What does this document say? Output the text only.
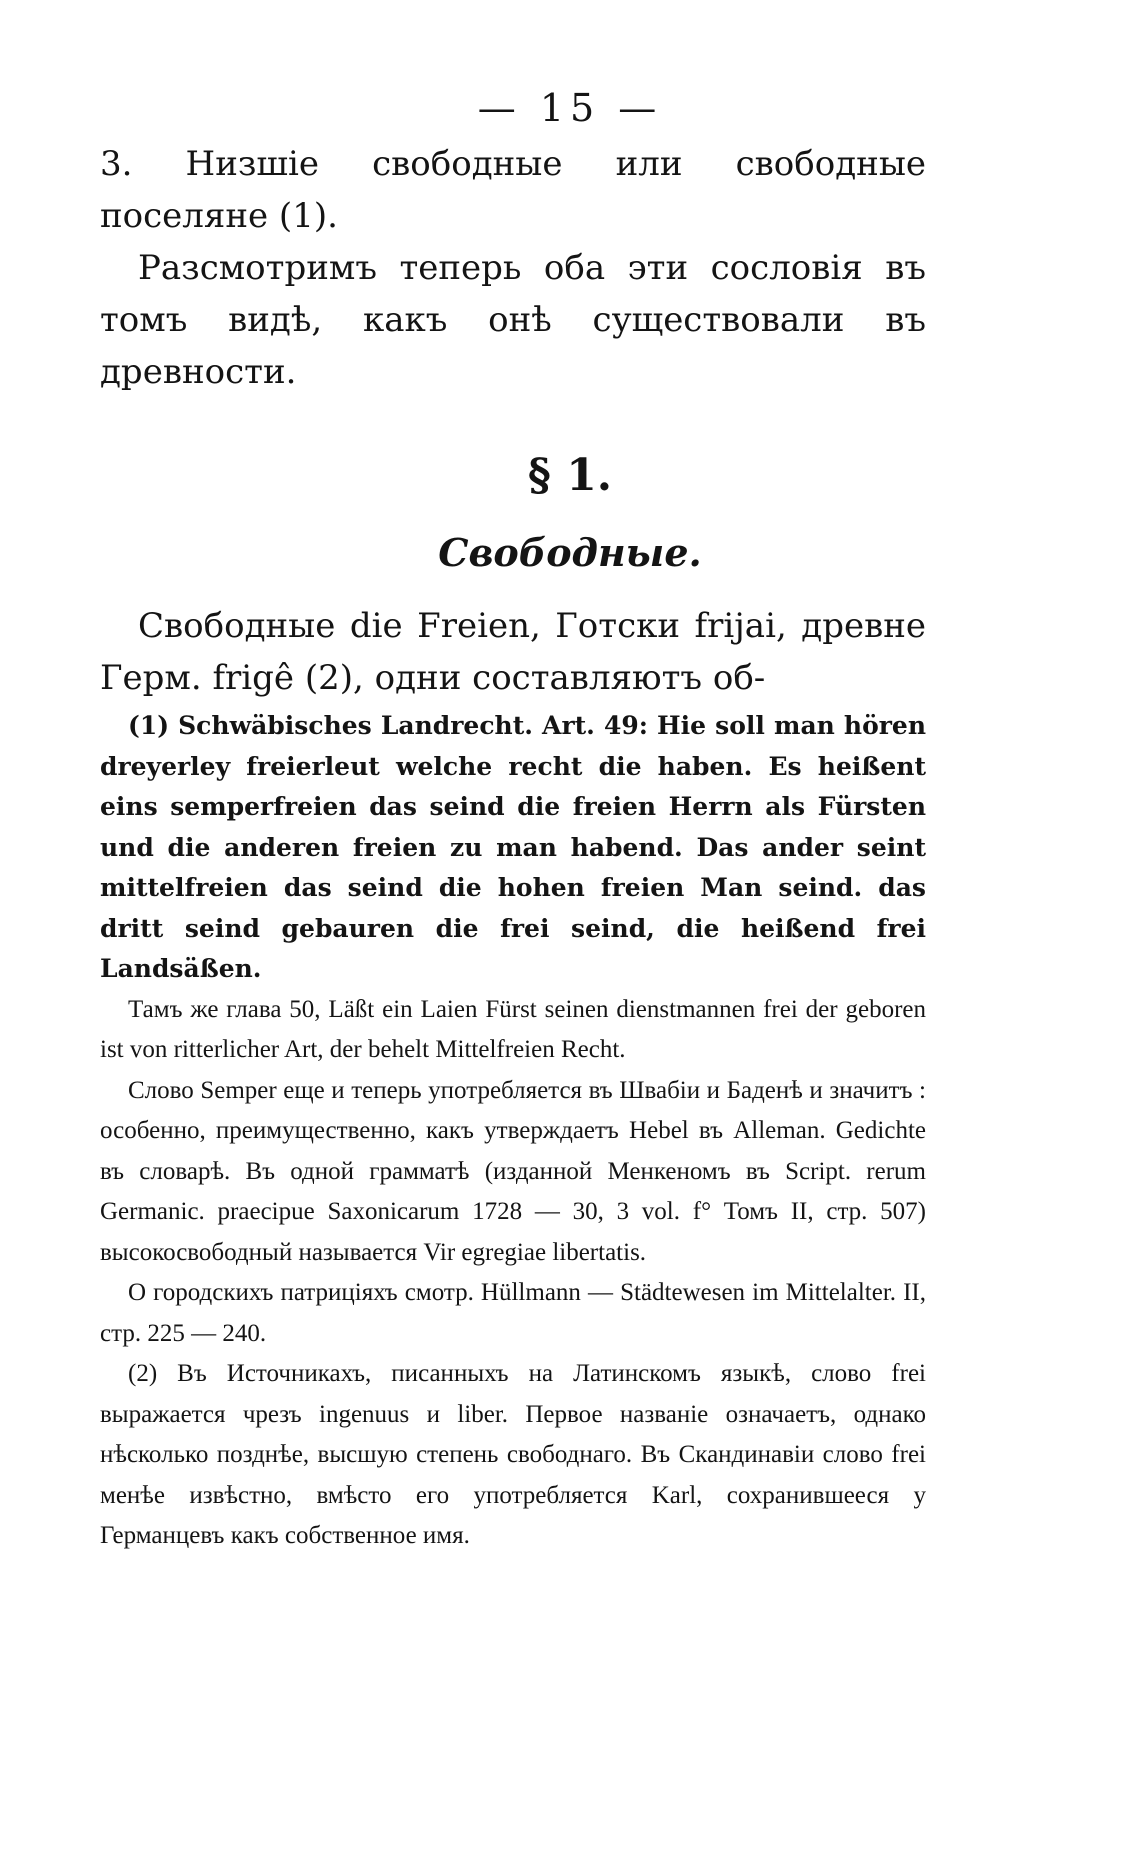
— 15 —

3. Низшіе свободные или свободные поселяне (1).

Разсмотримъ теперь оба эти сословія въ томъ видѣ, какъ онѣ существовали въ древности.

§ 1.
Свободные.

Свободные die Freien, Готски frijai, древне Герм. frigê (2), одни составляютъ об-

(1) Schwäbisches Landrecht. Art. 49: Hie soll man hören dreyerley freierleut welche recht die haben. Es heißent eins semperfreien das seind die freien Herrn als Fürsten und die anderen freien zu man habend. Das ander seint mittelfreien das seind die hohen freien Man seind. das dritt seind gebauren die frei seind, die heißend frei Landsäßen.

Тамъ же глава 50, Läßt ein Laien Fürst seinen dienstmannen frei der geboren ist von ritterlicher Art, der behelt Mittelfreien Recht.

Слово Semper еще и теперь употребляется въ Швабіи и Баденѣ и значитъ : особенно, преимущественно, какъ утверждаетъ Hebel въ Alleman. Gedichte въ словарѣ. Въ одной грамматѣ (изданной Менкеномъ въ Script. rerum Germanic. praecipue Saxonicarum 1728 — 30, 3 vol. f° Томъ II, стр. 507) высокосвободный называется Vir egregiae libertatis.

О городскихъ патриціяхъ смотр. Hüllmann — Städtewesen im Mittelalter. II, стр. 225 — 240.

(2) Въ Источникахъ, писанныхъ на Латинскомъ языкѣ, слово frei выражается чрезъ ingenuus и liber. Первое названіе означаетъ, однако нѣсколько позднѣе, высшую степень свободнаго. Въ Скандинавіи слово frei менѣе извѣстно, вмѣсто его употребляется Karl, сохранившееся у Германцевъ какъ собственное имя.
